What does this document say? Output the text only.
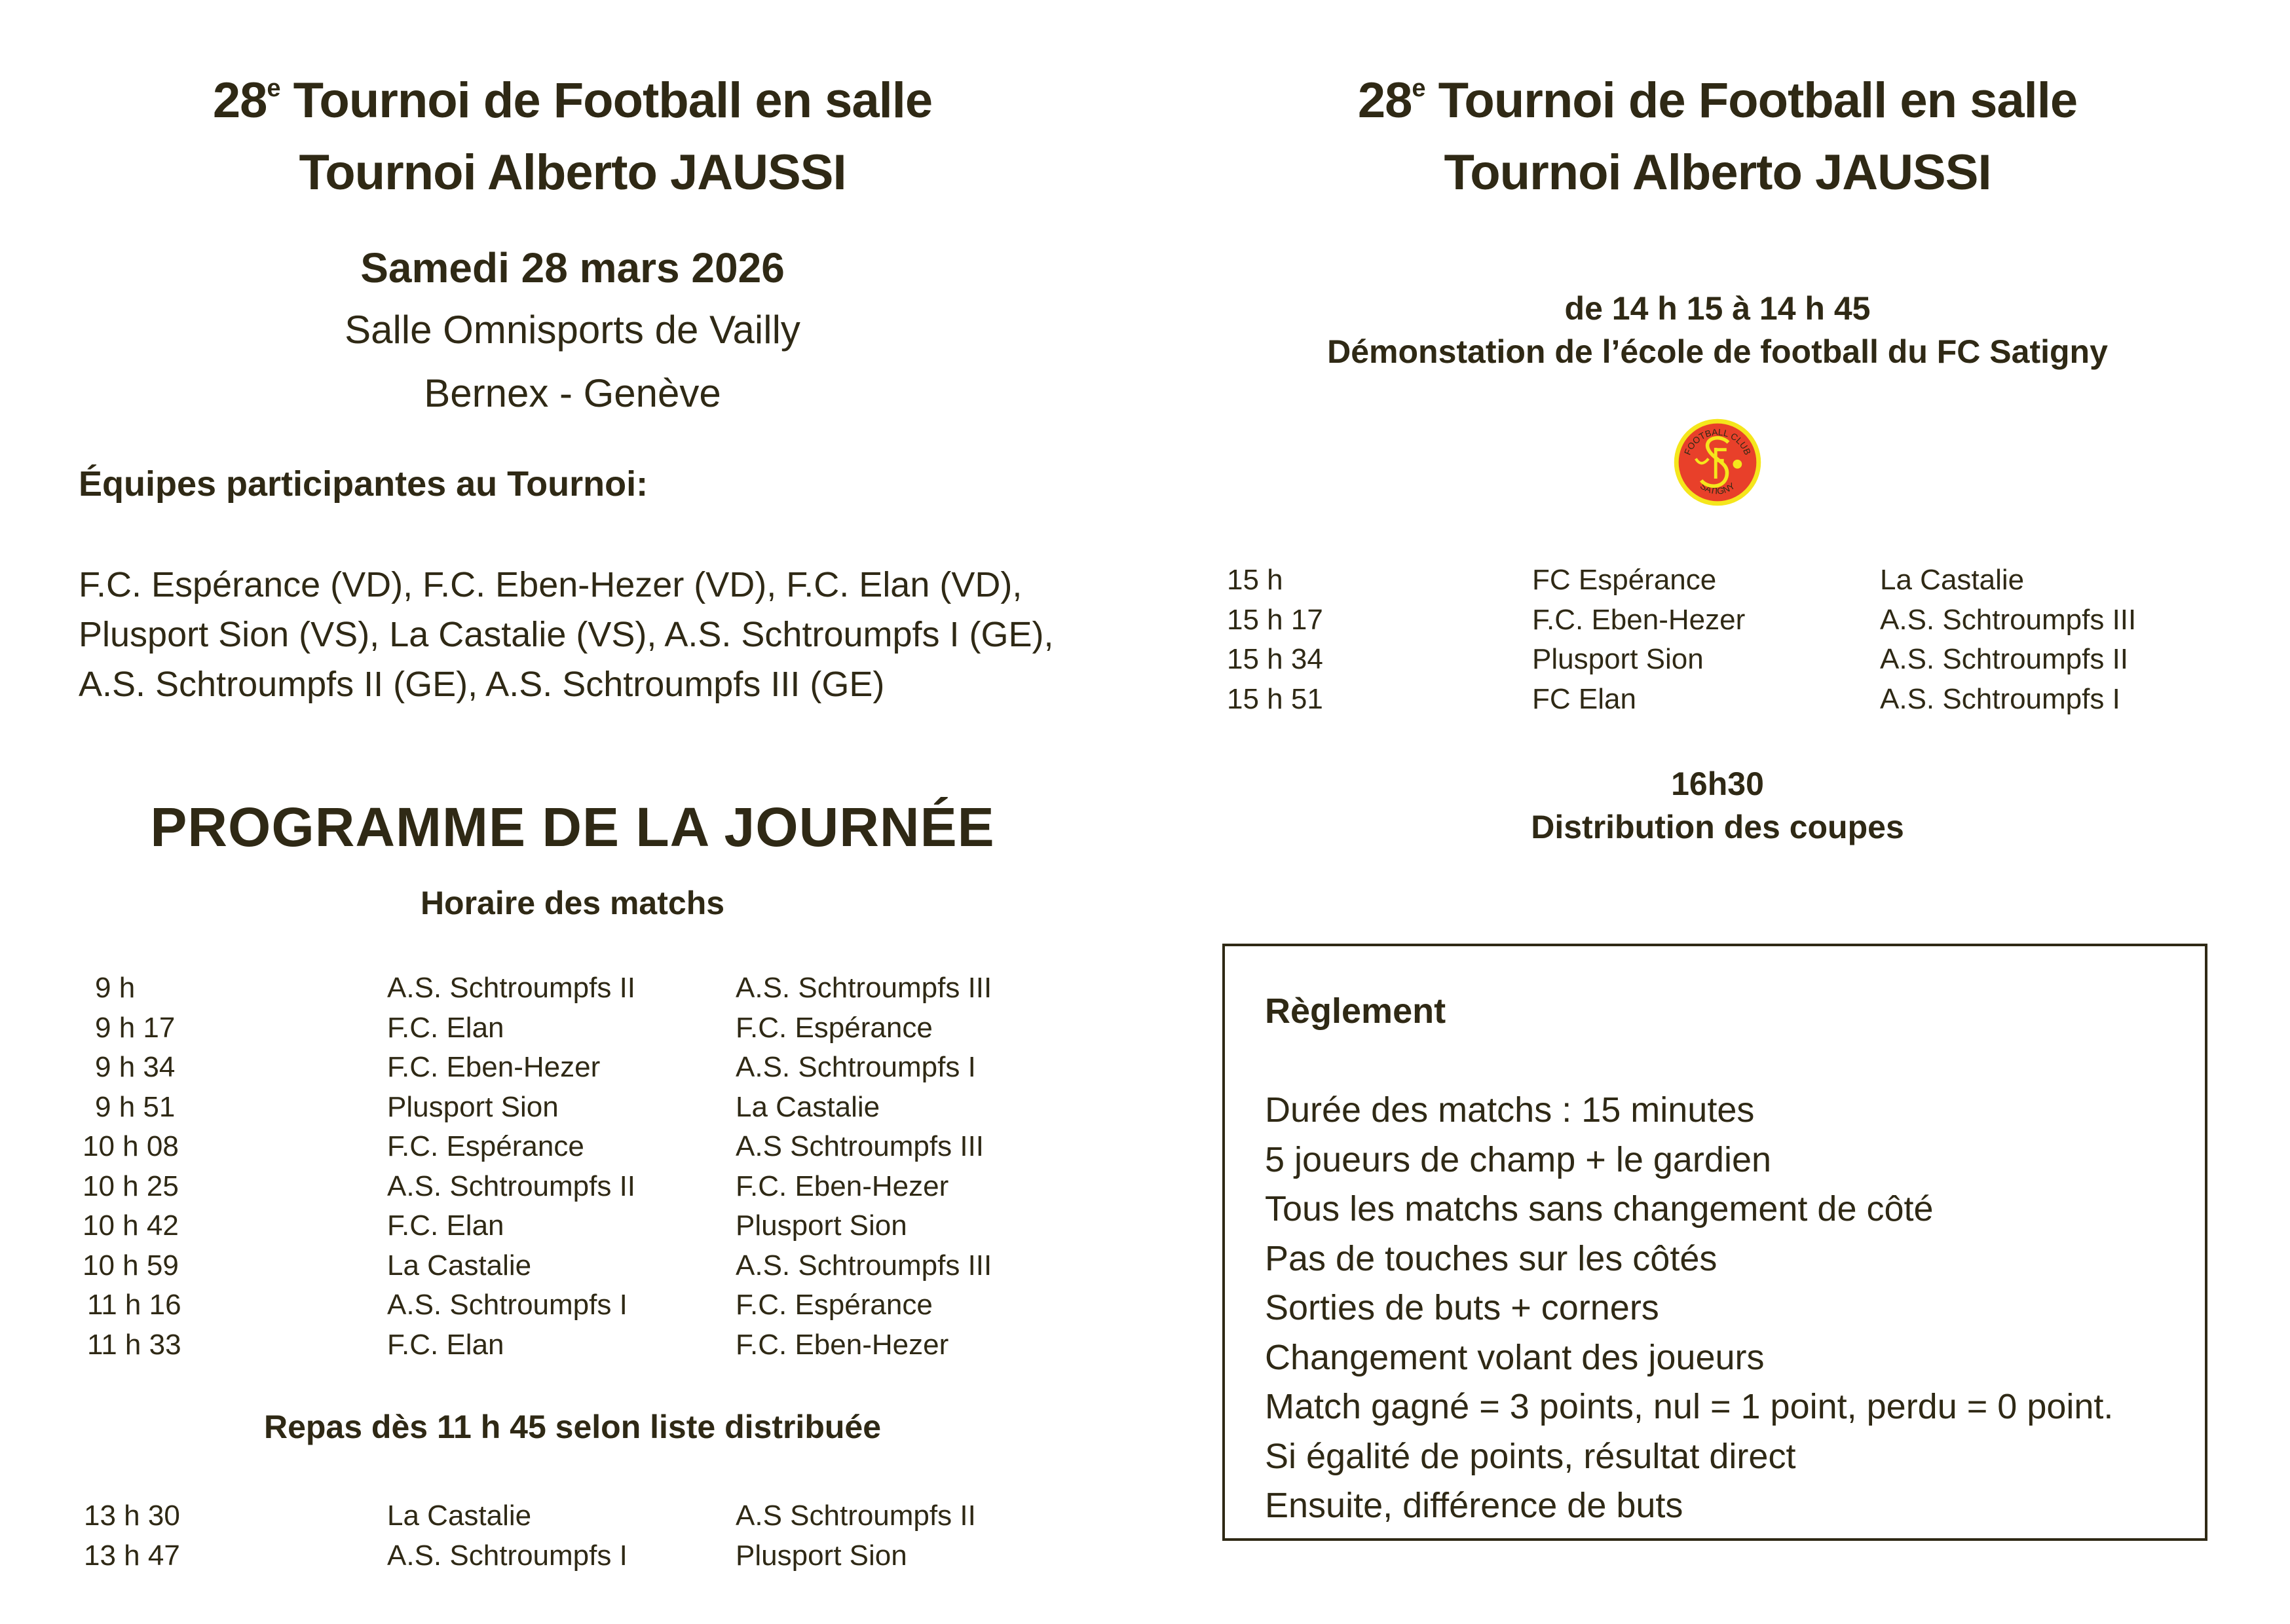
28e Tournoi de Football en salle
Tournoi Alberto JAUSSI
Samedi 28 mars 2026
Salle Omnisports de Vailly
Bernex - Genève
Équipes participantes au Tournoi:
F.C. Espérance (VD), F.C. Eben-Hezer (VD), F.C. Elan (VD),
Plusport Sion (VS), La Castalie (VS), A.S. Schtroumpfs I (GE),
A.S. Schtroumpfs II (GE), A.S. Schtroumpfs III (GE)
PROGRAMME DE LA JOURNÉE
Horaire des matchs
9 h	A.S. Schtroumpfs II	A.S. Schtroumpfs III
9 h 17	F.C. Elan	F.C. Espérance
9 h 34	F.C. Eben-Hezer	A.S. Schtroumpfs I
9 h 51	Plusport Sion	La Castalie
10 h 08	F.C. Espérance	A.S Schtroumpfs III
10 h 25	A.S. Schtroumpfs II	F.C. Eben-Hezer
10 h 42	F.C. Elan	Plusport Sion
10 h 59	La Castalie	A.S. Schtroumpfs III
11 h 16	A.S. Schtroumpfs I	F.C. Espérance
11 h 33	F.C. Elan	F.C. Eben-Hezer
Repas dès 11 h 45 selon liste distribuée
13 h 30	La Castalie	A.S Schtroumpfs II
13 h 47	A.S. Schtroumpfs I	Plusport Sion
28e Tournoi de Football en salle
Tournoi Alberto JAUSSI
de 14 h 15 à 14 h 45
Démonstation de l’école de football du FC Satigny
FOOTBALL CLUB
SATIGNY
15 h	FC Espérance	La Castalie
15 h 17	F.C. Eben-Hezer	A.S. Schtroumpfs III
15 h 34	Plusport Sion	A.S. Schtroumpfs II
15 h 51	FC Elan	A.S. Schtroumpfs I
16h30
Distribution des coupes
Règlement
Durée des matchs : 15 minutes
5 joueurs de champ + le gardien
Tous les matchs sans changement de côté
Pas de touches sur les côtés
Sorties de buts + corners
Changement volant des joueurs
Match gagné = 3 points, nul = 1 point, perdu = 0 point.
Si égalité de points, résultat direct
Ensuite, différence de buts
